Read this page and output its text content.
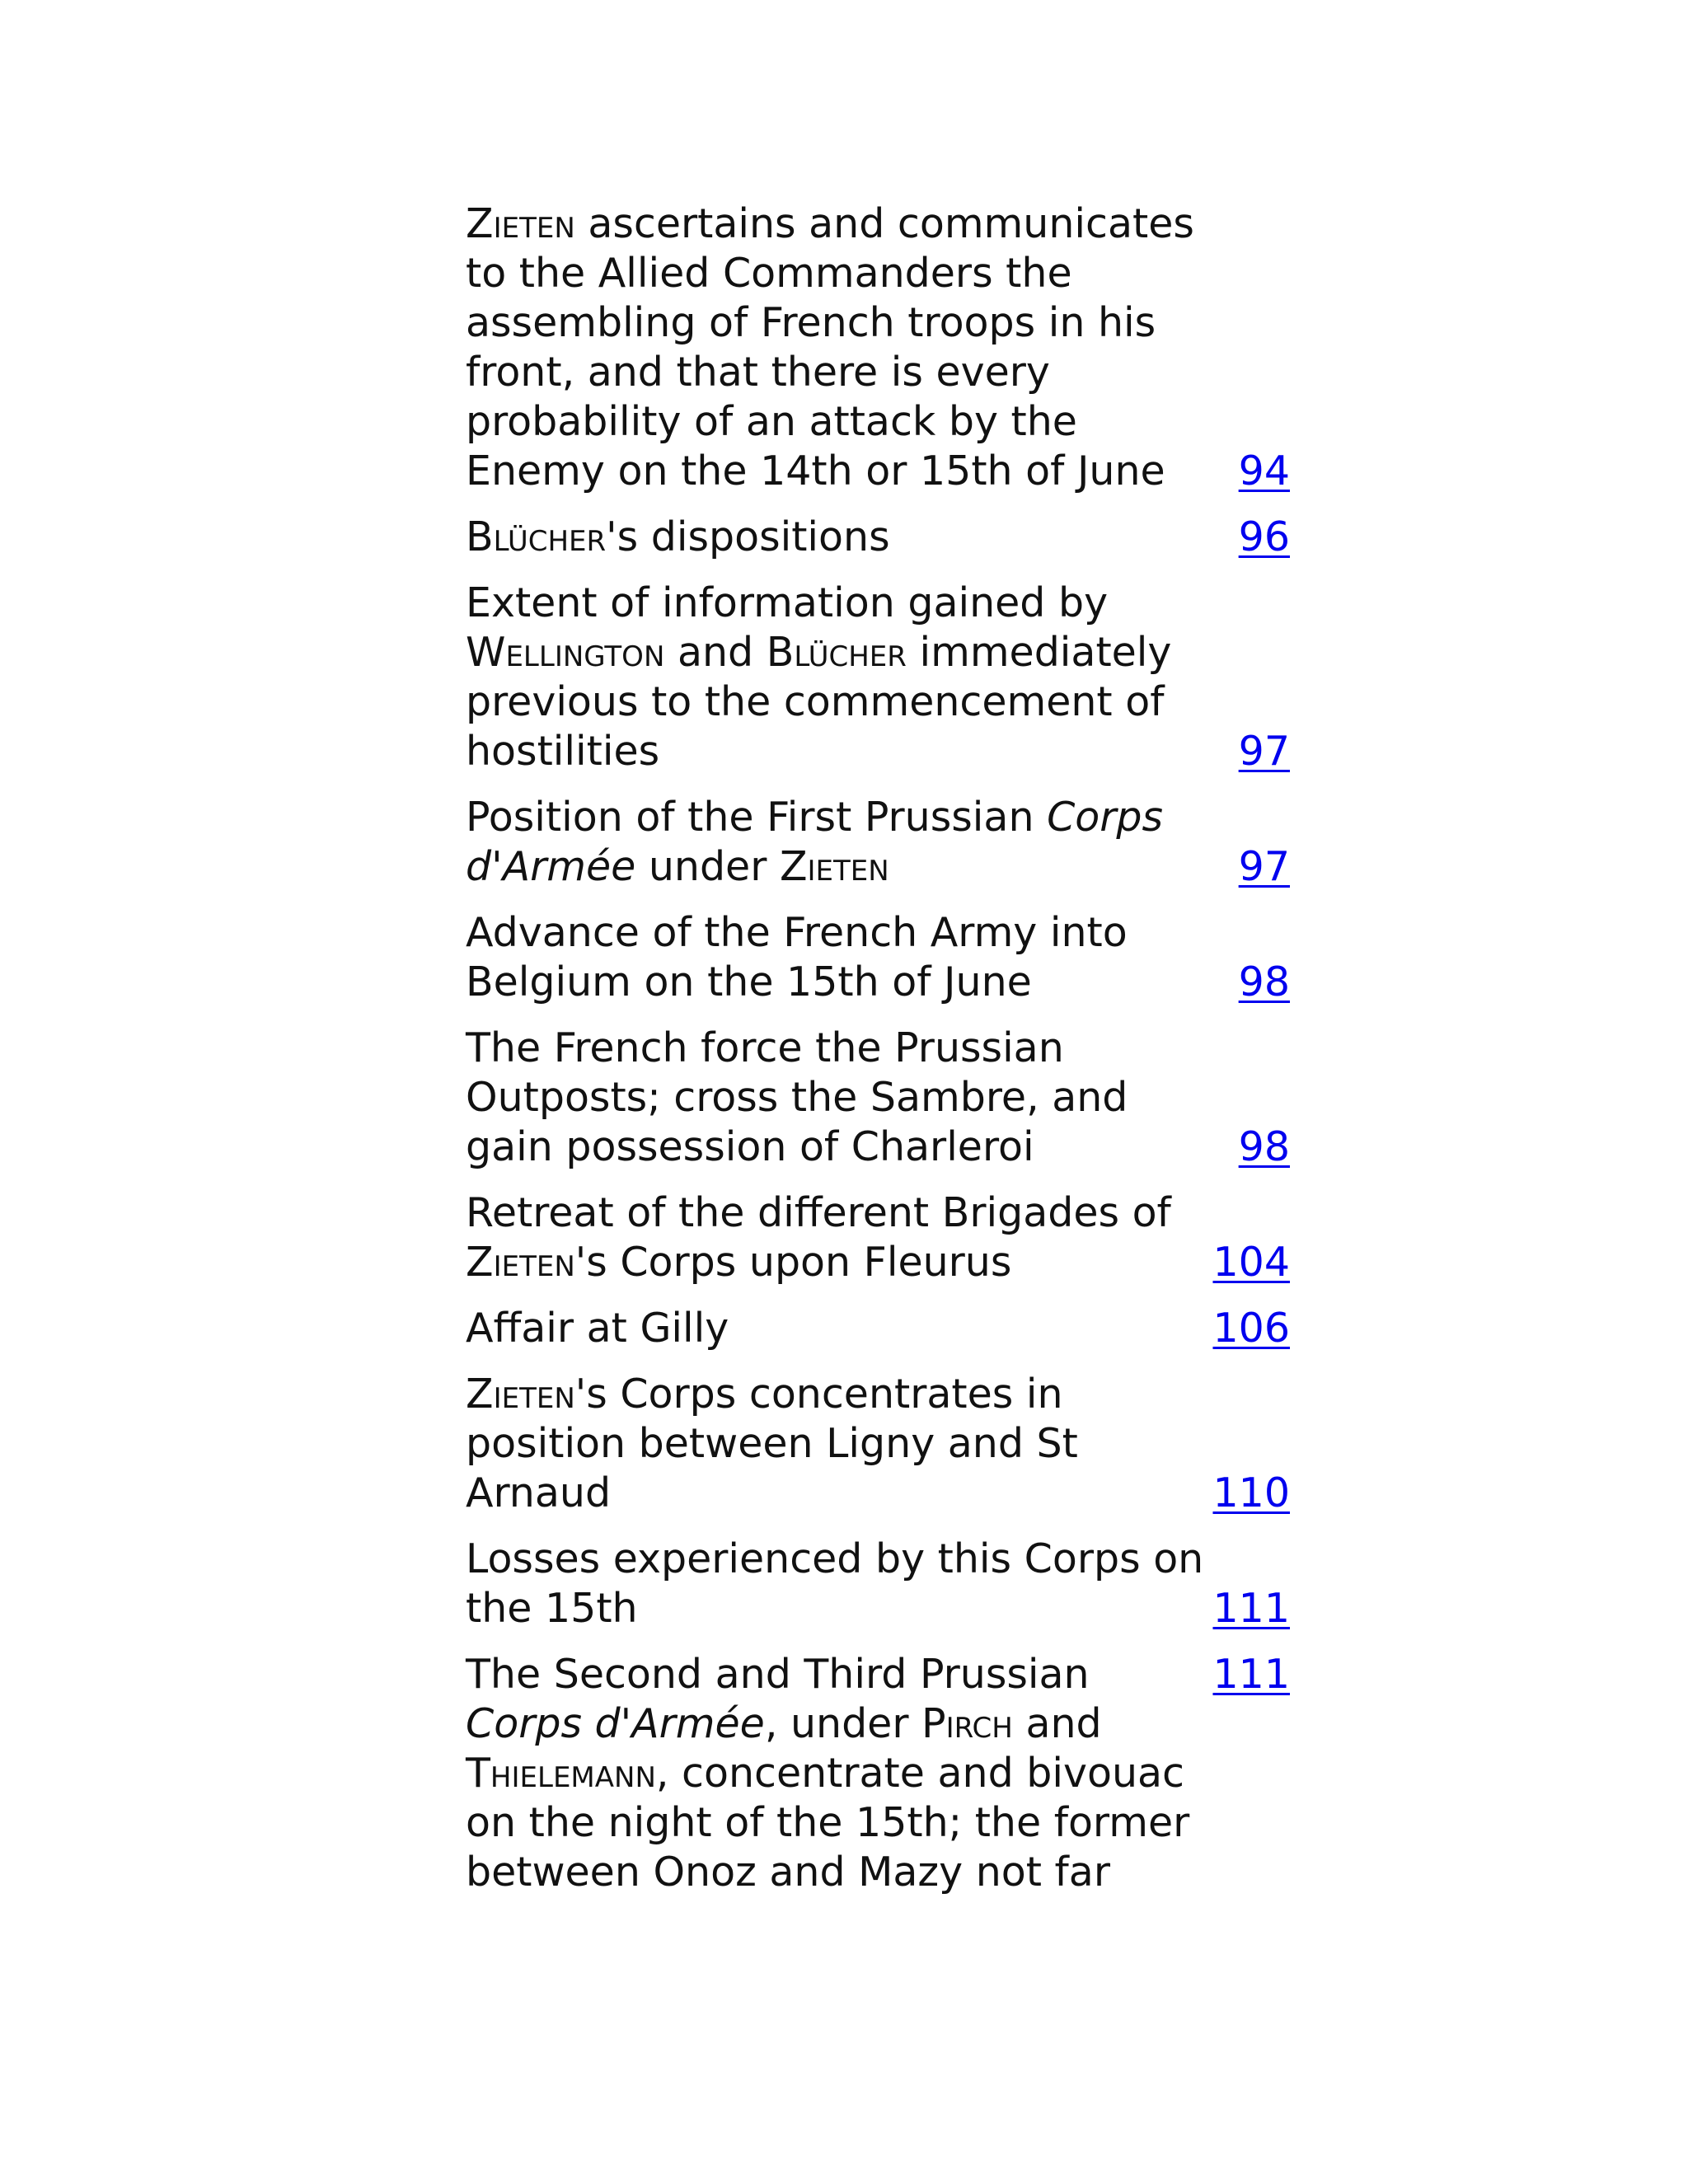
Zieten ascertains and communicates to the Allied Commanders the assembling of French troops in his front, and that there is every probability of an attack by the Enemy on the 14th or 15th of June	94
Blücher's dispositions	96
Extent of information gained by Wellington and Blücher immediately previous to the commencement of hostilities	97
Position of the First Prussian Corps d'Armée under Zieten	97
Advance of the French Army into Belgium on the 15th of June	98
The French force the Prussian Outposts; cross the Sambre, and gain possession of Charleroi	98
Retreat of the different Brigades of Zieten's Corps upon Fleurus	104
Affair at Gilly	106
Zieten's Corps concentrates in position between Ligny and St Arnaud	110
Losses experienced by this Corps on the 15th	111
The Second and Third Prussian Corps d'Armée, under Pirch and Thielemann, concentrate and bivouac on the night of the 15th; the former between Onoz and Mazy not far	111
